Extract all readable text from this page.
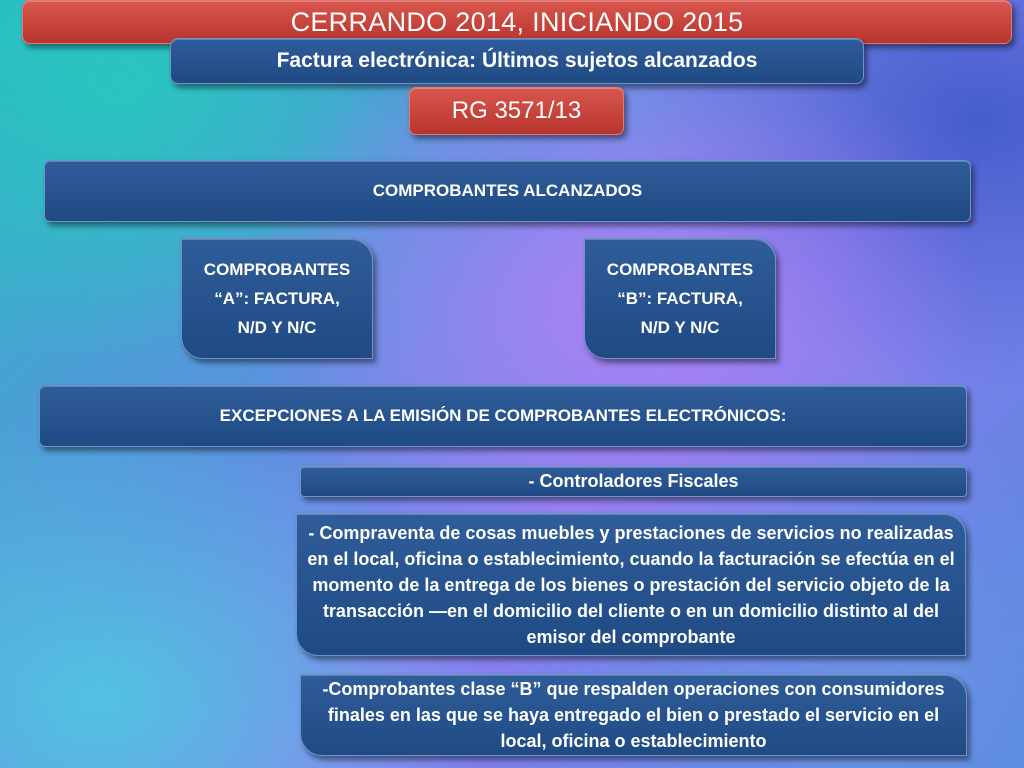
CERRANDO 2014, INICIANDO 2015
Factura electrónica: Últimos sujetos alcanzados
RG 3571/13
COMPROBANTES ALCANZADOS
COMPROBANTES
“A”: FACTURA,
N/D Y N/C
COMPROBANTES
“B”: FACTURA,
N/D Y N/C
EXCEPCIONES A LA EMISIÓN DE COMPROBANTES ELECTRÓNICOS:
- Controladores Fiscales
- Compraventa de cosas muebles y prestaciones de servicios no realizadas en el local, oficina o establecimiento, cuando la facturación se efectúa en el momento de la entrega de los bienes o prestación del servicio objeto de la transacción —en el domicilio del cliente o en un domicilio distinto al del emisor del comprobante
-Comprobantes clase “B” que respalden operaciones con consumidores finales en las que se haya entregado el bien o prestado el servicio en el local, oficina o establecimiento
